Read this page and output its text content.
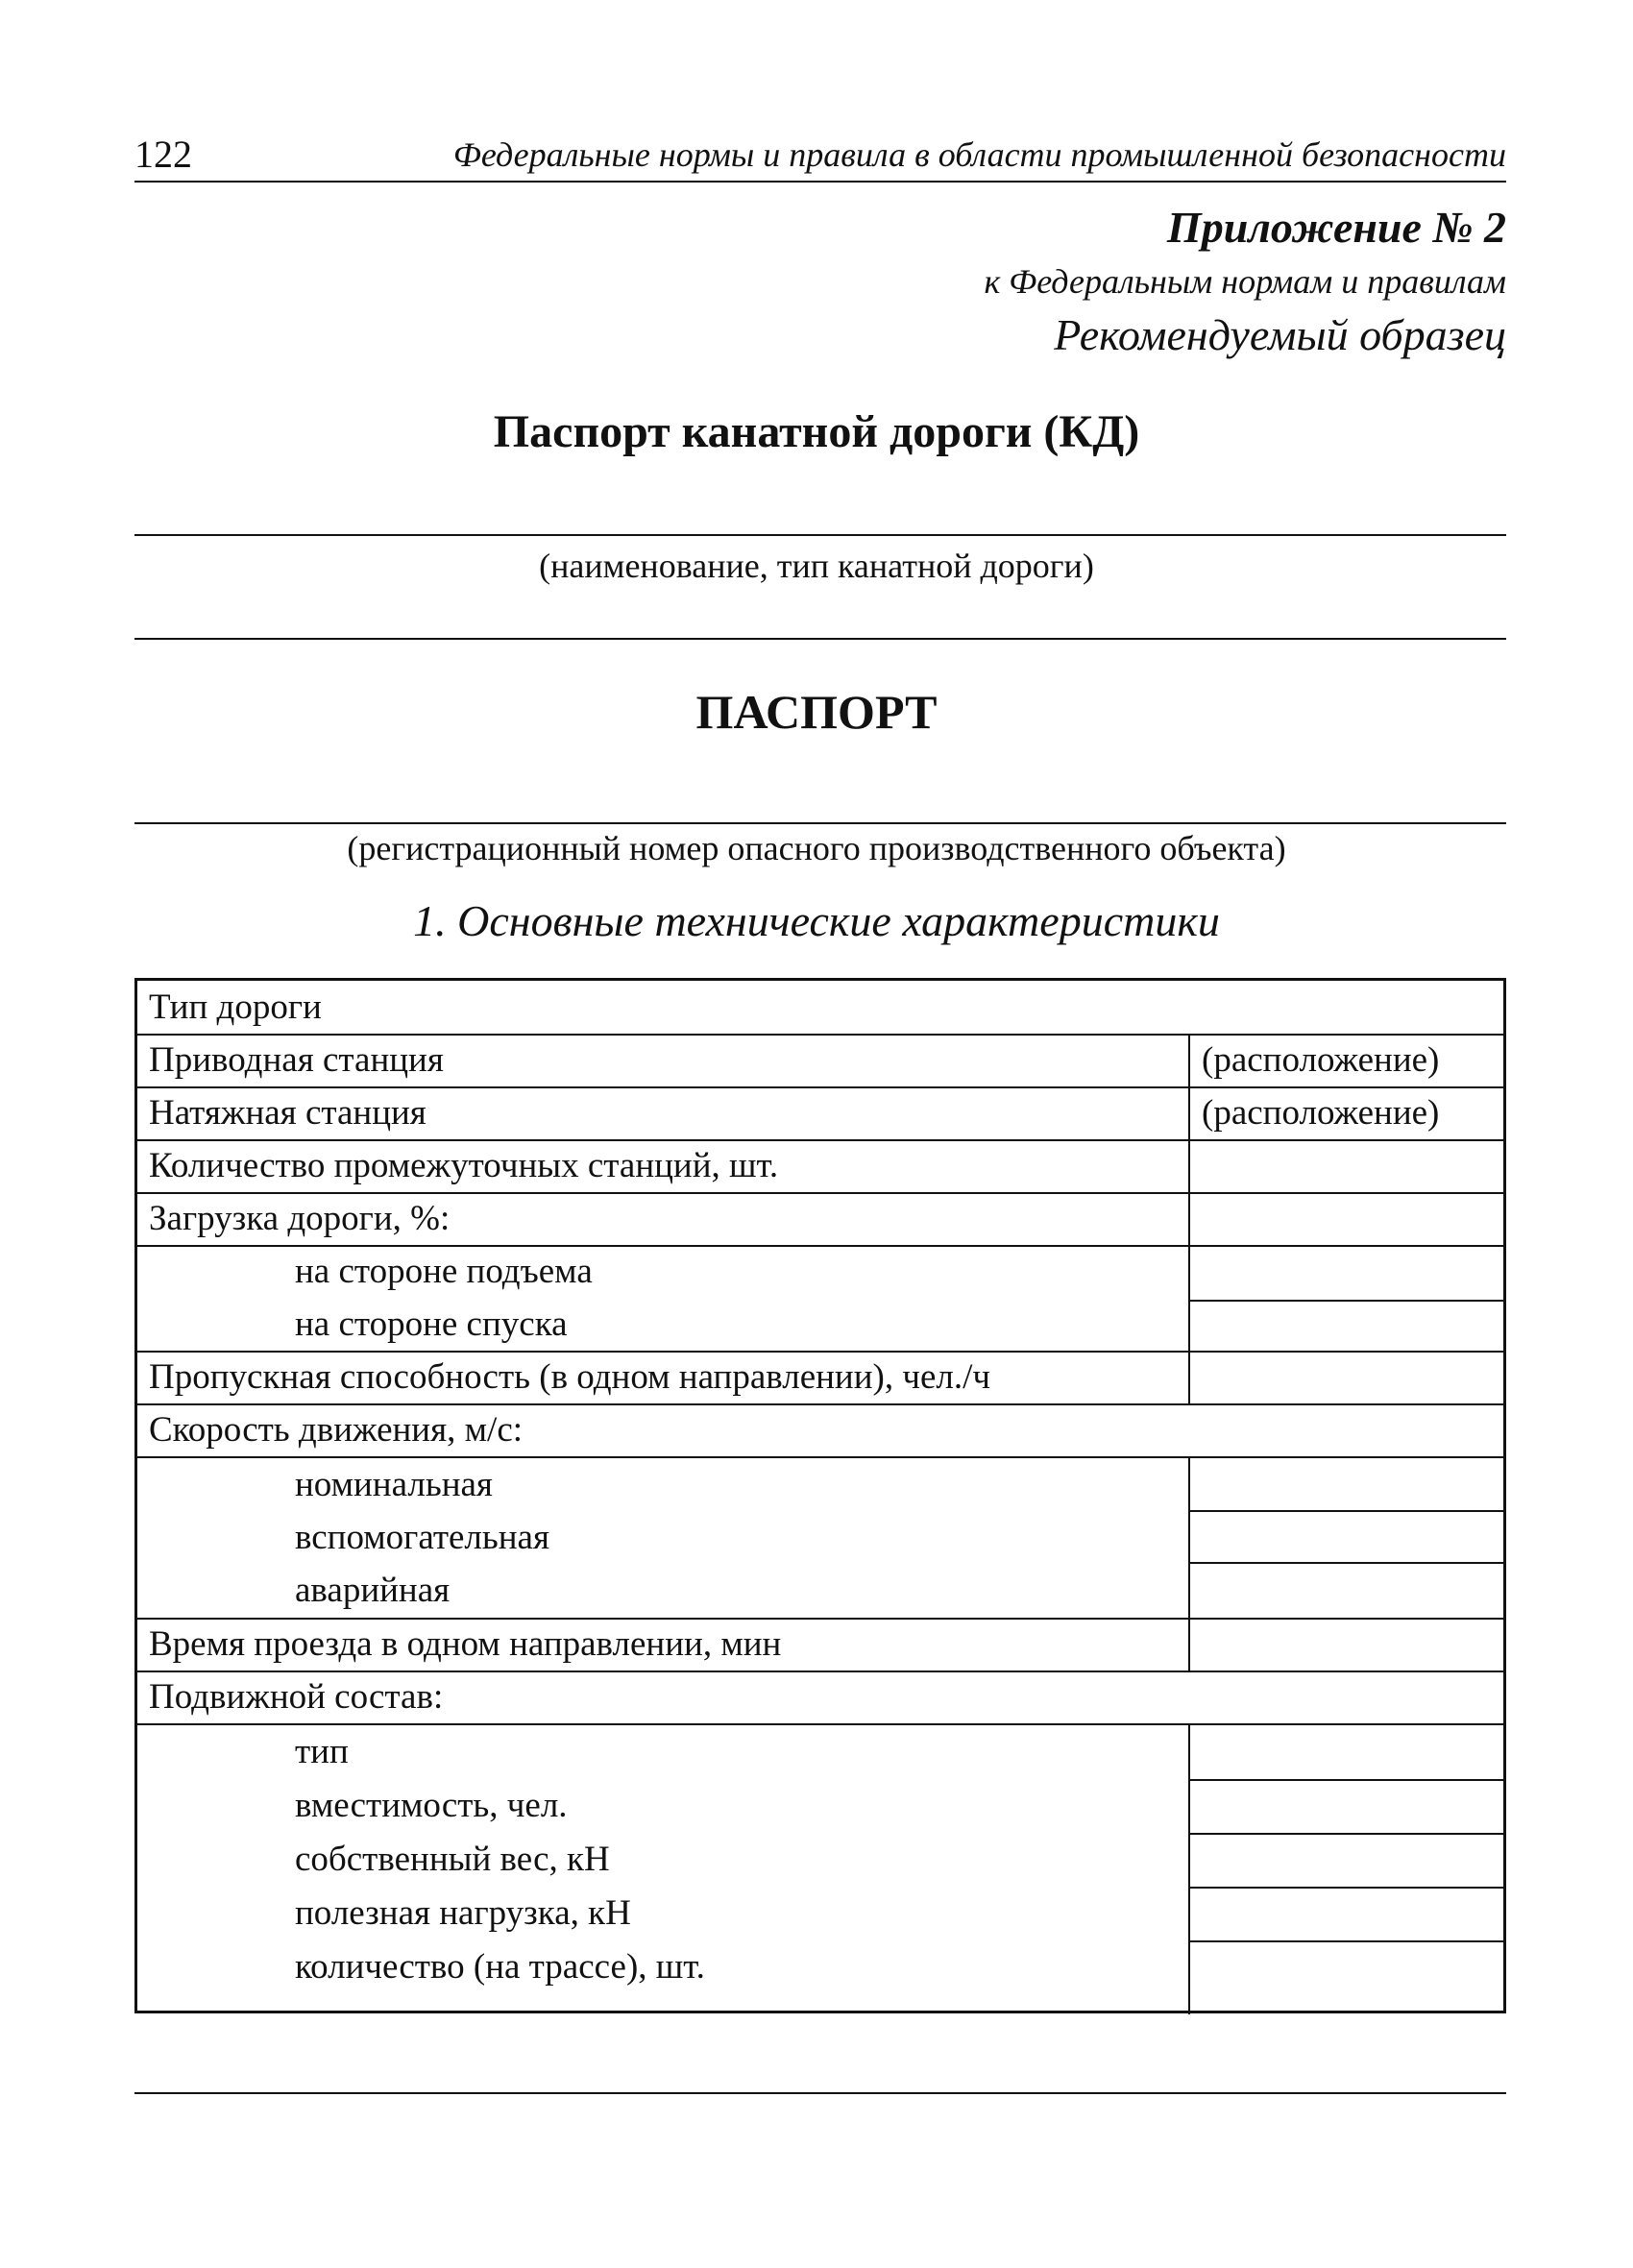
122	Федеральные нормы и правила в области промышленной безопасности
Приложение № 2
к Федеральным нормам и правилам
Рекомендуемый образец
Паспорт канатной дороги (КД)
(наименование, тип канатной дороги)
ПАСПОРТ
(регистрационный номер опасного производственного объекта)
1. Основные технические характеристики
Тип дороги
Приводная станция	(расположение)
Натяжная станция	(расположение)
Количество промежуточных станций, шт.
Загрузка дороги, %:
на стороне подъема
на стороне спуска
Пропускная способность (в одном направлении), чел./ч
Скорость движения, м/с:
номинальная
вспомогательная
аварийная
Время проезда в одном направлении, мин
Подвижной состав:
тип
вместимость, чел.
собственный вес, кН
полезная нагрузка, кН
количество (на трассе), шт.
